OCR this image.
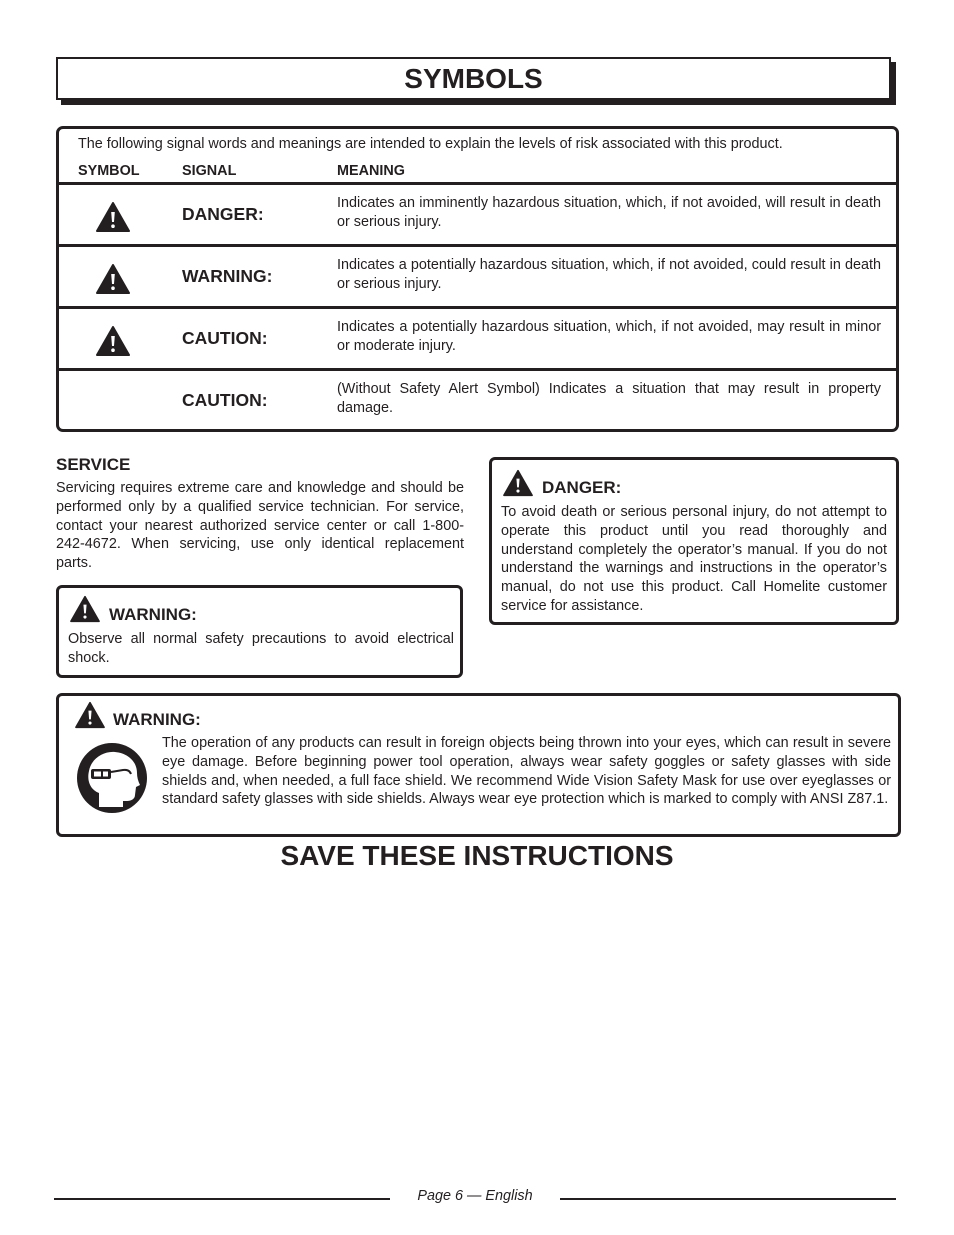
SYMBOLS
The following signal words and meanings are intended to explain the levels of risk associated with this product.
SYMBOL	SIGNAL	MEANING
DANGER:
Indicates an imminently hazardous situation, which, if not avoided, will result in death or serious injury.
WARNING:
Indicates a potentially hazardous situation, which, if not avoided, could result in death or serious injury.
CAUTION:
Indicates a potentially hazardous situation, which, if not avoided, may result in minor or moderate injury.
CAUTION:
(Without Safety Alert Symbol) Indicates a situation that may result in property damage.
SERVICE
Servicing requires extreme care and knowledge and should be performed only by a qualified service technician. For service, contact your nearest authorized service center or call 1-800-242-4672. When servicing, use only identical replacement parts.
WARNING:
Observe all normal safety precautions to avoid electrical shock.
DANGER:
To avoid death or serious personal injury, do not attempt to operate this product until you read thoroughly and understand completely the operator’s manual. If you do not understand the warnings and instructions in the operator’s manual, do not use this product. Call Homelite customer service for assistance.
WARNING:
The operation of any products can result in foreign objects being thrown into your eyes, which can result in severe eye damage. Before beginning power tool operation, always wear safety goggles or safety glasses with side shields and, when needed, a full face shield. We recommend Wide Vision Safety Mask for use over eyeglasses or standard safety glasses with side shields. Always wear eye protection which is marked to comply with ANSI Z87.1.
SAVE THESE INSTRUCTIONS
Page 6 — English
